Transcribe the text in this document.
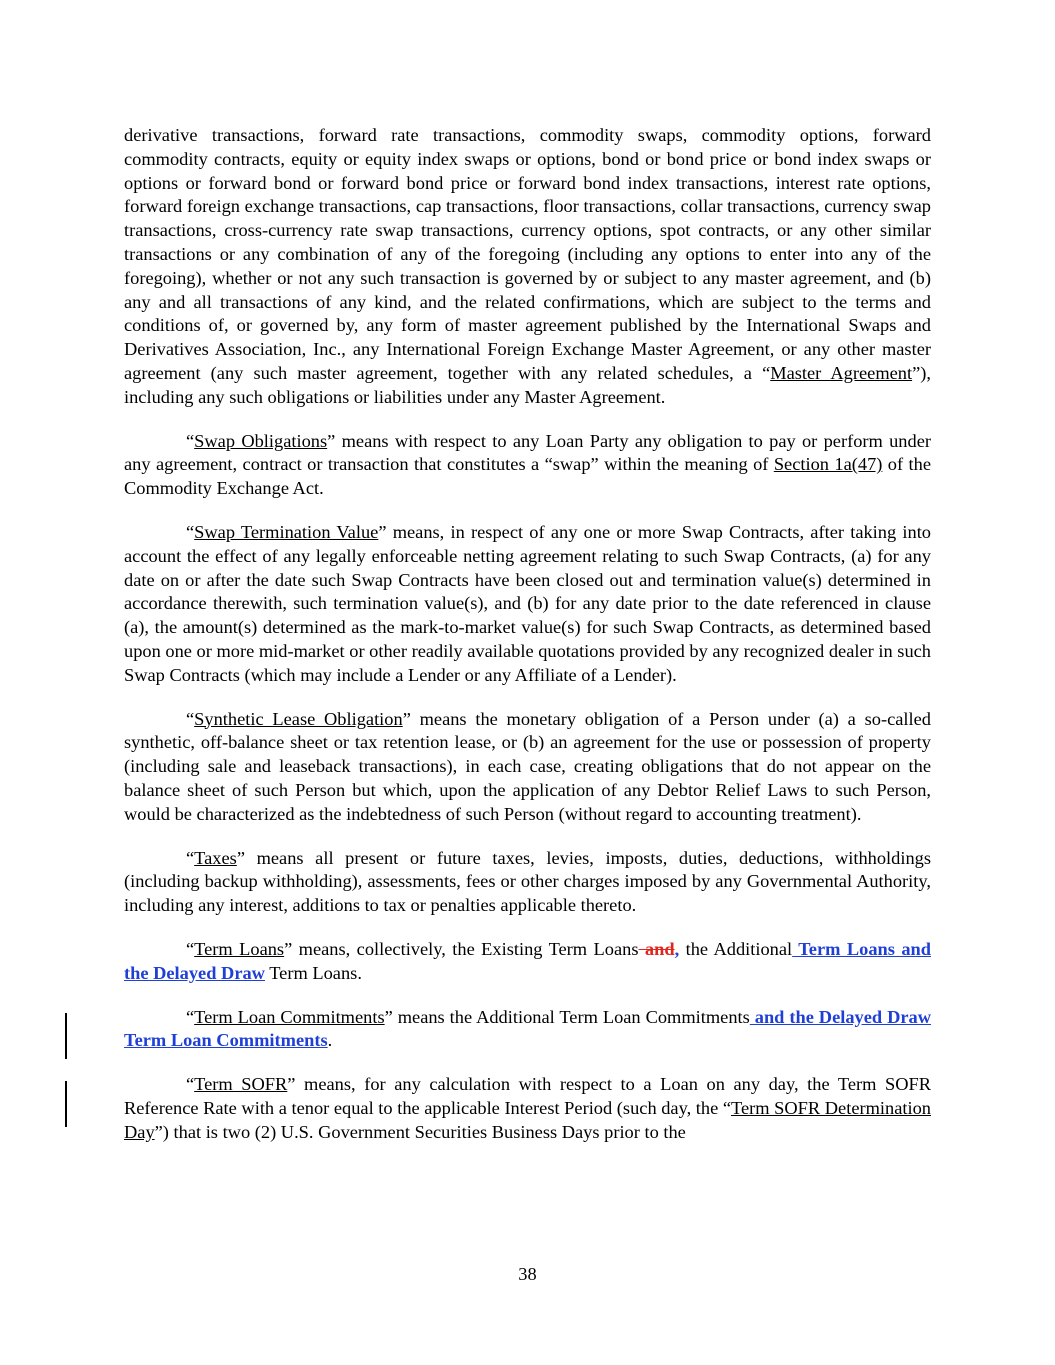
derivative transactions, forward rate transactions, commodity swaps, commodity options, forward commodity contracts, equity or equity index swaps or options, bond or bond price or bond index swaps or options or forward bond or forward bond price or forward bond index transactions, interest rate options, forward foreign exchange transactions, cap transactions, floor transactions, collar transactions, currency swap transactions, cross-currency rate swap transactions, currency options, spot contracts, or any other similar transactions or any combination of any of the foregoing (including any options to enter into any of the foregoing), whether or not any such transaction is governed by or subject to any master agreement, and (b) any and all transactions of any kind, and the related confirmations, which are subject to the terms and conditions of, or governed by, any form of master agreement published by the International Swaps and Derivatives Association, Inc., any International Foreign Exchange Master Agreement, or any other master agreement (any such master agreement, together with any related schedules, a “Master Agreement”), including any such obligations or liabilities under any Master Agreement.

“Swap Obligations” means with respect to any Loan Party any obligation to pay or perform under any agreement, contract or transaction that constitutes a “swap” within the meaning of Section 1a(47) of the Commodity Exchange Act.

“Swap Termination Value” means, in respect of any one or more Swap Contracts, after taking into account the effect of any legally enforceable netting agreement relating to such Swap Contracts, (a) for any date on or after the date such Swap Contracts have been closed out and termination value(s) determined in accordance therewith, such termination value(s), and (b) for any date prior to the date referenced in clause (a), the amount(s) determined as the mark-to-market value(s) for such Swap Contracts, as determined based upon one or more mid-market or other readily available quotations provided by any recognized dealer in such Swap Contracts (which may include a Lender or any Affiliate of a Lender).

“Synthetic Lease Obligation” means the monetary obligation of a Person under (a) a so-called synthetic, off-balance sheet or tax retention lease, or (b) an agreement for the use or possession of property (including sale and leaseback transactions), in each case, creating obligations that do not appear on the balance sheet of such Person but which, upon the application of any Debtor Relief Laws to such Person, would be characterized as the indebtedness of such Person (without regard to accounting treatment).

“Taxes” means all present or future taxes, levies, imposts, duties, deductions, withholdings (including backup withholding), assessments, fees or other charges imposed by any Governmental Authority, including any interest, additions to tax or penalties applicable thereto.

“Term Loans” means, collectively, the Existing Term Loans and, the Additional Term Loans and the Delayed Draw Term Loans.

“Term Loan Commitments” means the Additional Term Loan Commitments and the Delayed Draw Term Loan Commitments.

“Term SOFR” means, for any calculation with respect to a Loan on any day, the Term SOFR Reference Rate with a tenor equal to the applicable Interest Period (such day, the “Term SOFR Determination Day”) that is two (2) U.S. Government Securities Business Days prior to the

38
